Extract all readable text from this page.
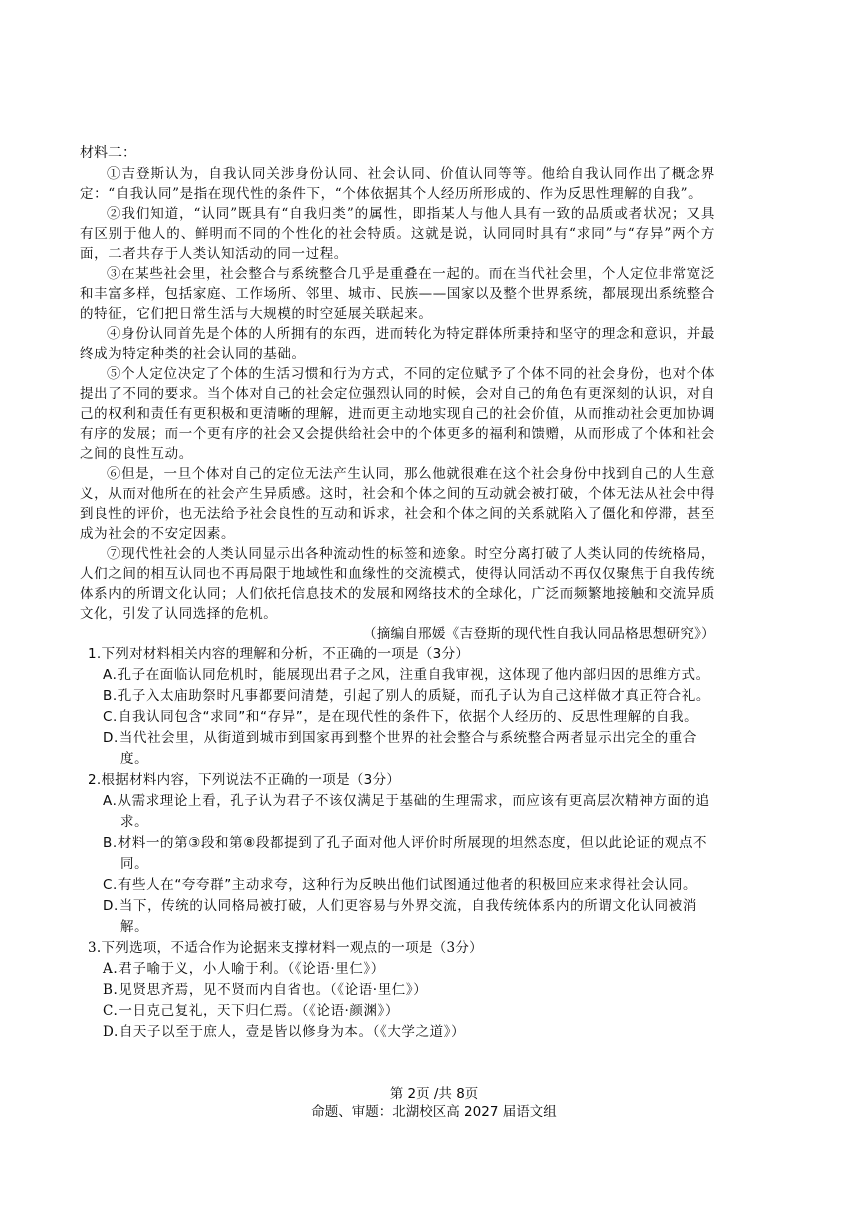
材料二：

①吉登斯认为，自我认同关涉身份认同、社会认同、价值认同等等。他给自我认同作出了概念界定：“自我认同”是指在现代性的条件下，“个体依据其个人经历所形成的、作为反思性理解的自我”。

②我们知道，“认同”既具有“自我归类”的属性，即指某人与他人具有一致的品质或者状况；又具有区别于他人的、鲜明而不同的个性化的社会特质。这就是说，认同同时具有“求同”与“存异”两个方面，二者共存于人类认知活动的同一过程。

③在某些社会里，社会整合与系统整合几乎是重叠在一起的。而在当代社会里，个人定位非常宽泛和丰富多样，包括家庭、工作场所、邻里、城市、民族——国家以及整个世界系统，都展现出系统整合的特征，它们把日常生活与大规模的时空延展关联起来。

④身份认同首先是个体的人所拥有的东西，进而转化为特定群体所秉持和坚守的理念和意识，并最终成为特定种类的社会认同的基础。

⑤个人定位决定了个体的生活习惯和行为方式，不同的定位赋予了个体不同的社会身份，也对个体提出了不同的要求。当个体对自己的社会定位强烈认同的时候，会对自己的角色有更深刻的认识，对自己的权利和责任有更积极和更清晰的理解，进而更主动地实现自己的社会价值，从而推动社会更加协调有序的发展；而一个更有序的社会又会提供给社会中的个体更多的福利和馈赠，从而形成了个体和社会之间的良性互动。

⑥但是，一旦个体对自己的定位无法产生认同，那么他就很难在这个社会身份中找到自己的人生意义，从而对他所在的社会产生异质感。这时，社会和个体之间的互动就会被打破，个体无法从社会中得到良性的评价，也无法给予社会良性的互动和诉求，社会和个体之间的关系就陷入了僵化和停滞，甚至成为社会的不安定因素。

⑦现代性社会的人类认同显示出各种流动性的标签和迹象。时空分离打破了人类认同的传统格局，人们之间的相互认同也不再局限于地域性和血缘性的交流模式，使得认同活动不再仅仅聚焦于自我传统体系内的所谓文化认同；人们依托信息技术的发展和网络技术的全球化，广泛而频繁地接触和交流异质文化，引发了认同选择的危机。

（摘编自邢媛《吉登斯的现代性自我认同品格思想研究》）
1.下列对材料相关内容的理解和分析，不正确的一项是（3分）
A.孔子在面临认同危机时，能展现出君子之风，注重自我审视，这体现了他内部归因的思维方式。
B.孔子入太庙助祭时凡事都要问清楚，引起了别人的质疑，而孔子认为自己这样做才真正符合礼。
C.自我认同包含“求同”和“存异”，是在现代性的条件下，依据个人经历的、反思性理解的自我。
D.当代社会里，从街道到城市到国家再到整个世界的社会整合与系统整合两者显示出完全的重合度。
2.根据材料内容，下列说法不正确的一项是（3分）
A.从需求理论上看，孔子认为君子不该仅满足于基础的生理需求，而应该有更高层次精神方面的追求。
B.材料一的第③段和第⑧段都提到了孔子面对他人评价时所展现的坦然态度，但以此论证的观点不同。
C.有些人在“夸夸群”主动求夸，这种行为反映出他们试图通过他者的积极回应来求得社会认同。
D.当下，传统的认同格局被打破，人们更容易与外界交流，自我传统体系内的所谓文化认同被消解。
3.下列选项，不适合作为论据来支撑材料一观点的一项是（3分）
A.君子喻于义，小人喻于利。（《论语·里仁》）
B.见贤思齐焉，见不贤而内自省也。（《论语·里仁》）
C.一日克己复礼，天下归仁焉。（《论语·颜渊》）
D.自天子以至于庶人，壹是皆以修身为本。（《大学之道》）
第 2页 /共 8页
命题、审题：北湖校区高 2027 届语文组
